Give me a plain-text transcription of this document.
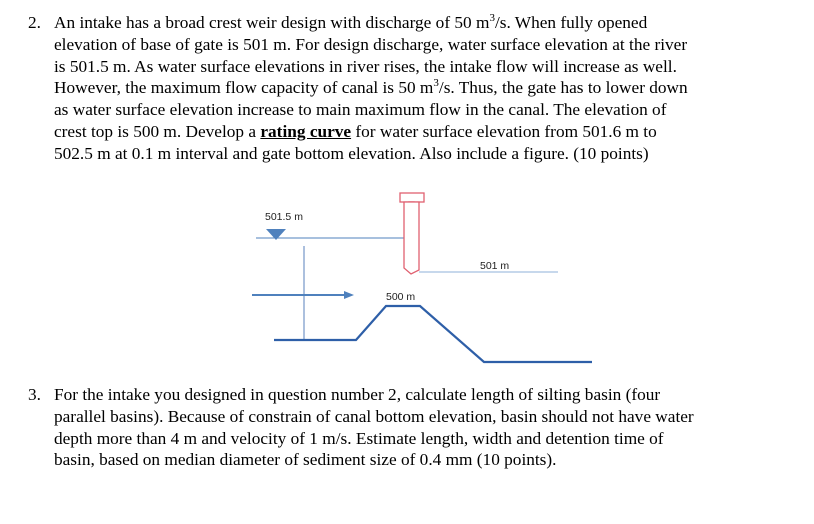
2. An intake has a broad crest weir design with discharge of 50 $m^3/s$. When fully opened
elevation of base of gate is 501 m. For design discharge, water surface elevation at the river
is 501.5 m. As water surface elevations in river rises, the intake flow will increase as well.
However, the maximum flow capacity of canal is 50 $m^3/s$. Thus, the gate has to lower down
as water surface elevation increase to main maximum flow in the canal. The elevation of
crest top is 500 m. Develop a rating curve for water surface elevation from 501.6 m to
502.5 m at 0.1 m interval and gate bottom elevation. Also include a figure. (10 points)
501.5 m
501 m
500 m
3. For the intake you designed in question number 2, calculate length of silting basin (four
parallel basins). Because of constrain of canal bottom elevation, basin should not have water
depth more than 4 m and velocity of 1 m/s. Estimate length, width and detention time of
basin, based on median diameter of sediment size of 0.4 mm (10 points).
